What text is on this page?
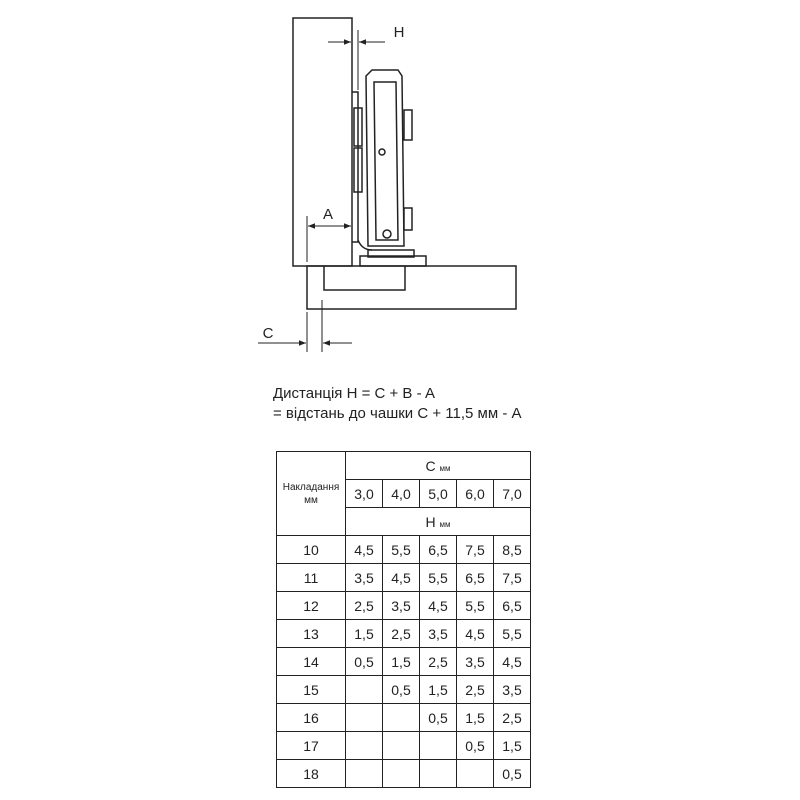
H
A
C
Дистанція H = C + B - A
= відстань до чашки C + 11,5 мм - A
Накладання
мм	C мм				
	3,0	4,0	5,0	6,0	7,0
	H мм				
10	4,5	5,5	6,5	7,5	8,5
11	3,5	4,5	5,5	6,5	7,5
12	2,5	3,5	4,5	5,5	6,5
13	1,5	2,5	3,5	4,5	5,5
14	0,5	1,5	2,5	3,5	4,5
15		0,5	1,5	2,5	3,5
16			0,5	1,5	2,5
17				0,5	1,5
18					0,5
